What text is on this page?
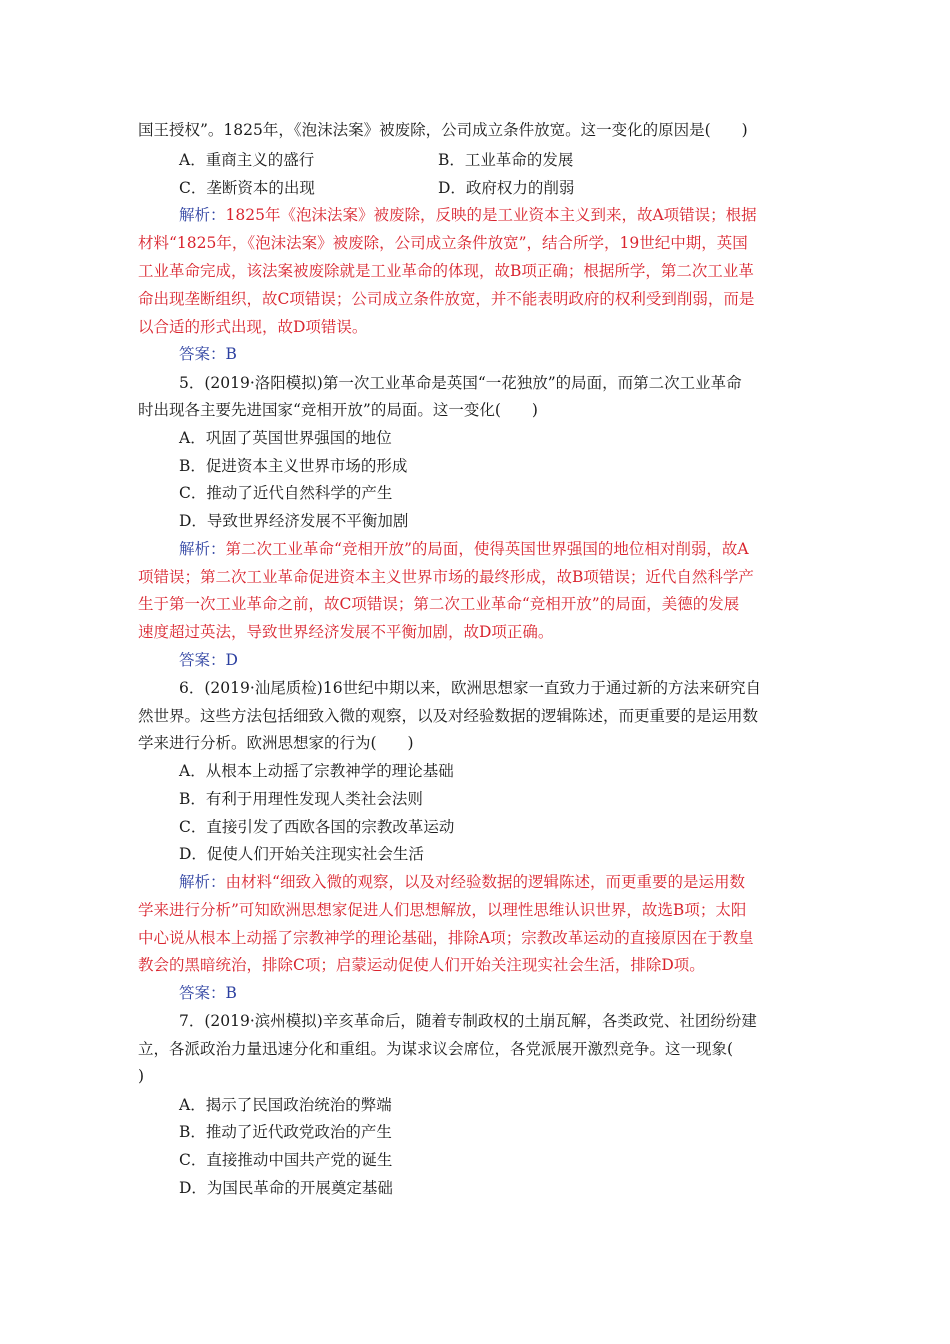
国王授权”。1825年，《泡沫法案》被废除，公司成立条件放宽。这一变化的原因是(　　)
A．重商主义的盛行	B．工业革命的发展
C．垄断资本的出现	D．政府权力的削弱
解析：1825年《泡沫法案》被废除，反映的是工业资本主义到来，故A项错误；根据
材料“1825年，《泡沫法案》被废除，公司成立条件放宽”，结合所学，19世纪中期，英国
工业革命完成，该法案被废除就是工业革命的体现，故B项正确；根据所学，第二次工业革
命出现垄断组织，故C项错误；公司成立条件放宽，并不能表明政府的权利受到削弱，而是
以合适的形式出现，故D项错误。
答案：B
5．(2019·洛阳模拟)第一次工业革命是英国“一花独放”的局面，而第二次工业革命
时出现各主要先进国家“竞相开放”的局面。这一变化(　　)
A．巩固了英国世界强国的地位
B．促进资本主义世界市场的形成
C．推动了近代自然科学的产生
D．导致世界经济发展不平衡加剧
解析：第二次工业革命“竞相开放”的局面，使得英国世界强国的地位相对削弱，故A
项错误；第二次工业革命促进资本主义世界市场的最终形成，故B项错误；近代自然科学产
生于第一次工业革命之前，故C项错误；第二次工业革命“竞相开放”的局面，美德的发展
速度超过英法，导致世界经济发展不平衡加剧，故D项正确。
答案：D
6．(2019·汕尾质检)16世纪中期以来，欧洲思想家一直致力于通过新的方法来研究自
然世界。这些方法包括细致入微的观察，以及对经验数据的逻辑陈述，而更重要的是运用数
学来进行分析。欧洲思想家的行为(　　)
A．从根本上动摇了宗教神学的理论基础
B．有利于用理性发现人类社会法则
C．直接引发了西欧各国的宗教改革运动
D．促使人们开始关注现实社会生活
解析：由材料“细致入微的观察，以及对经验数据的逻辑陈述，而更重要的是运用数
学来进行分析”可知欧洲思想家促进人们思想解放，以理性思维认识世界，故选B项；太阳
中心说从根本上动摇了宗教神学的理论基础，排除A项；宗教改革运动的直接原因在于教皇
教会的黑暗统治，排除C项；启蒙运动促使人们开始关注现实社会生活，排除D项。
答案：B
7．(2019·滨州模拟)辛亥革命后，随着专制政权的土崩瓦解，各类政党、社团纷纷建
立，各派政治力量迅速分化和重组。为谋求议会席位，各党派展开激烈竞争。这一现象(
)
A．揭示了民国政治统治的弊端
B．推动了近代政党政治的产生
C．直接推动中国共产党的诞生
D．为国民革命的开展奠定基础
